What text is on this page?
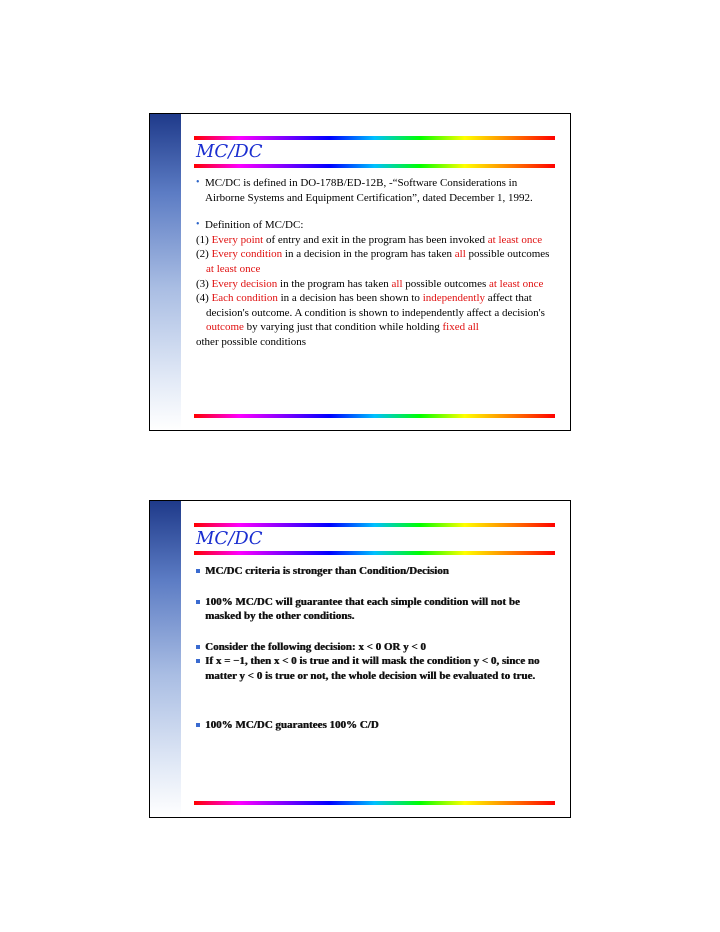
MC/DC

• MC/DC is defined in DO-178B/ED-12B, -“Software Considerations in Airborne Systems and Equipment Certification”, dated December 1, 1992.

• Definition of MC/DC:

(1) Every point of entry and exit in the program has been invoked at least once

(2) Every condition in a decision in the program has taken all possible outcomes at least once

(3) Every decision in the program has taken all possible outcomes at least once

(4) Each condition in a decision has been shown to independently affect that decision's outcome. A condition is shown to independently affect a decision's outcome by varying just that condition while holding fixed all

other possible conditions

MC/DC

MC/DC criteria is stronger than Condition/Decision

100% MC/DC will guarantee that each simple condition will not be masked by the other conditions.

Consider the following decision: x < 0 OR y < 0

If x = −1, then x < 0 is true and it will mask the condition y < 0, since no matter y < 0 is true or not, the whole decision will be evaluated to true.

100% MC/DC guarantees 100% C/D
